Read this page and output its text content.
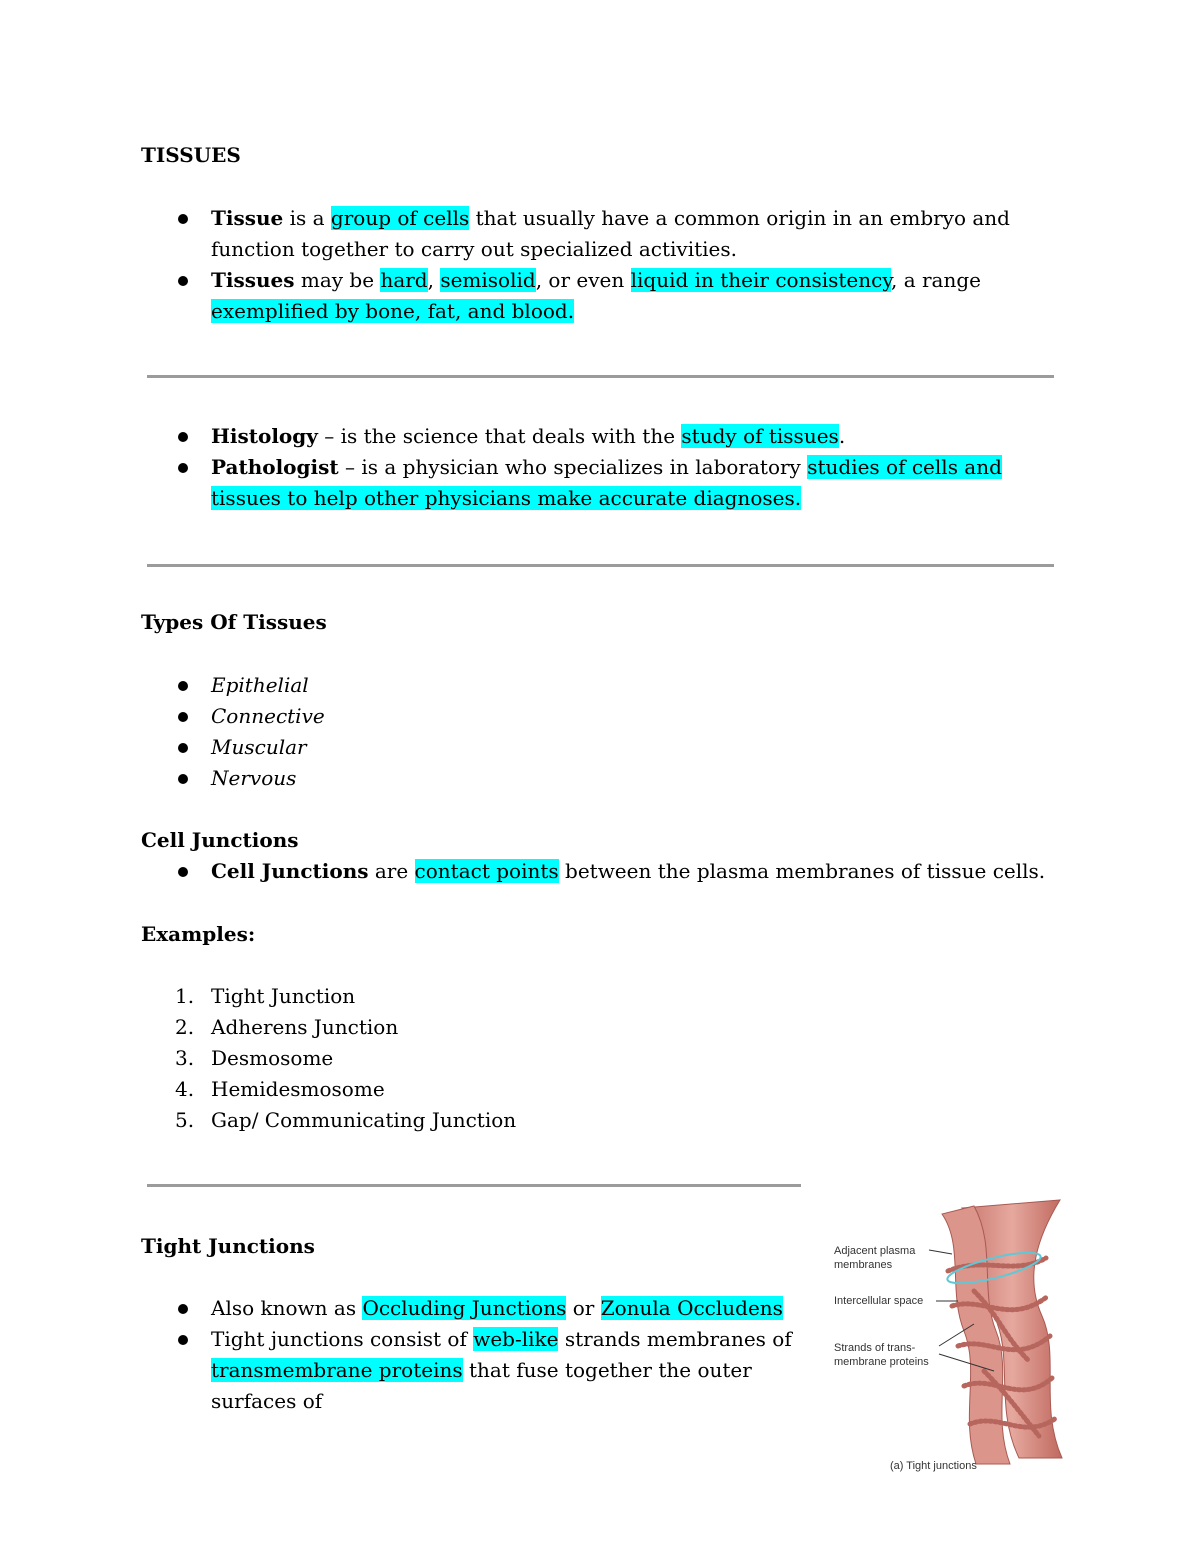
TISSUES
Tissue is a group of cells that usually have a common origin in an embryo and function together to carry out specialized activities.
Tissues may be hard, semisolid, or even liquid in their consistency, a range exemplified by bone, fat, and blood.
Histology – is the science that deals with the study of tissues.
Pathologist – is a physician who specializes in laboratory studies of cells and tissues to help other physicians make accurate diagnoses.
Types Of Tissues
Epithelial
Connective
Muscular
Nervous
Cell Junctions
Cell Junctions are contact points between the plasma membranes of tissue cells.
Examples:
1. Tight Junction
2. Adherens Junction
3. Desmosome
4. Hemidesmosome
5. Gap/ Communicating Junction
Tight Junctions
Also known as Occluding Junctions or Zonula Occludens
Tight junctions consist of web-like strands membranes of transmembrane proteins that fuse together the outer surfaces of
Adjacent plasma
membranes
Intercellular space
Strands of trans-
membrane proteins
(a) Tight junctions
